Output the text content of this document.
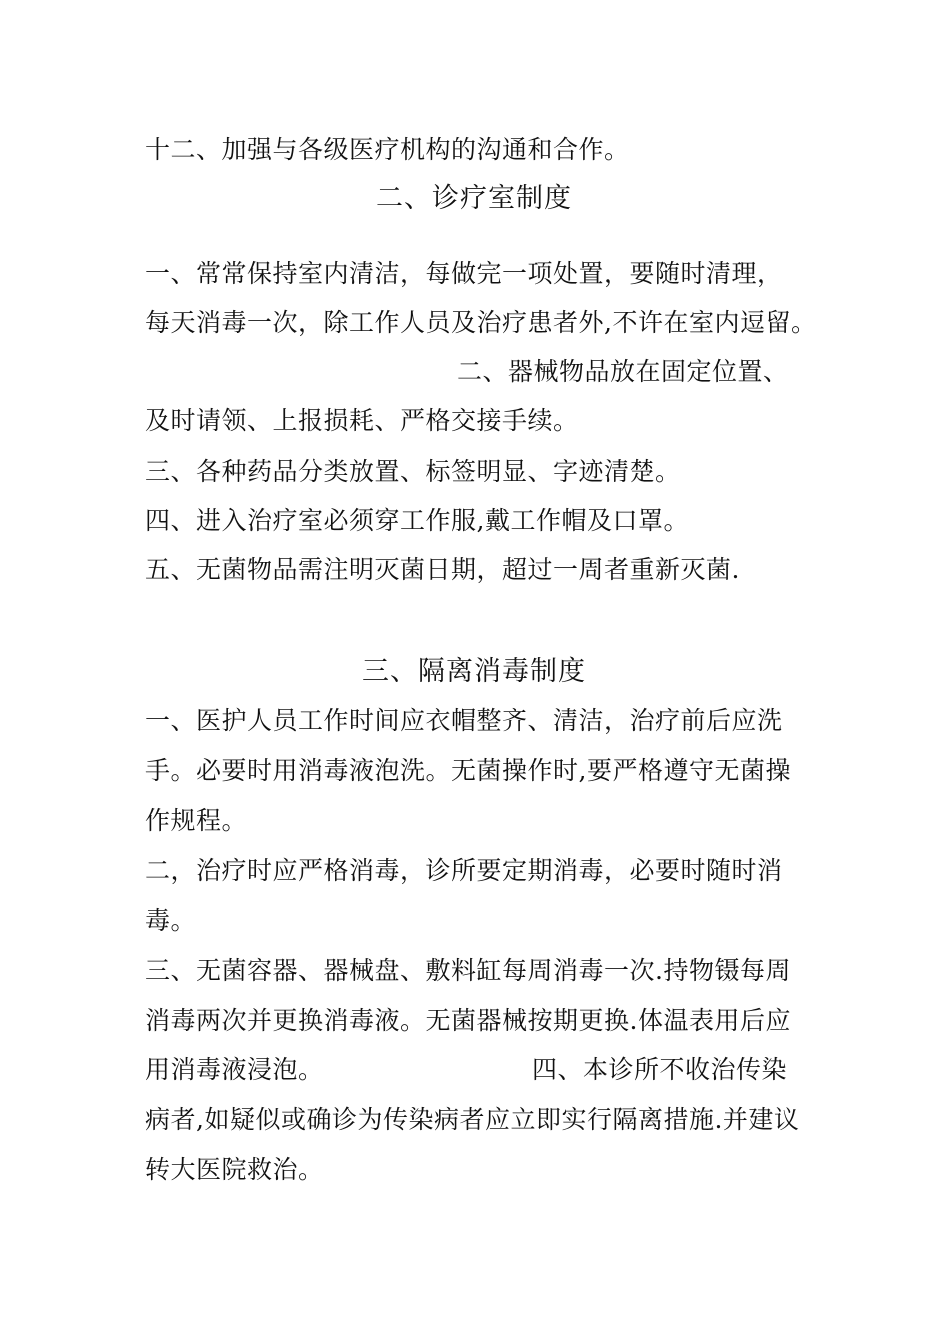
十二、加强与各级医疗机构的沟通和合作。
二、诊疗室制度
一、常常保持室内清洁，每做完一项处置，要随时清理，
每天消毒一次，除工作人员及治疗患者外,不许在室内逗留。
二、器械物品放在固定位置、
及时请领、上报损耗、严格交接手续。
三、各种药品分类放置、标签明显、字迹清楚。
四、进入治疗室必须穿工作服,戴工作帽及口罩。
五、无菌物品需注明灭菌日期，超过一周者重新灭菌.
三、隔离消毒制度
一、医护人员工作时间应衣帽整齐、清洁，治疗前后应洗
手。必要时用消毒液泡洗。无菌操作时,要严格遵守无菌操
作规程。
二，治疗时应严格消毒，诊所要定期消毒，必要时随时消
毒。
三、无菌容器、器械盘、敷料缸每周消毒一次.持物镊每周
消毒两次并更换消毒液。无菌器械按期更换.体温表用后应
用消毒液浸泡。	四、本诊所不收治传染
病者,如疑似或确诊为传染病者应立即实行隔离措施.并建议
转大医院救治。
